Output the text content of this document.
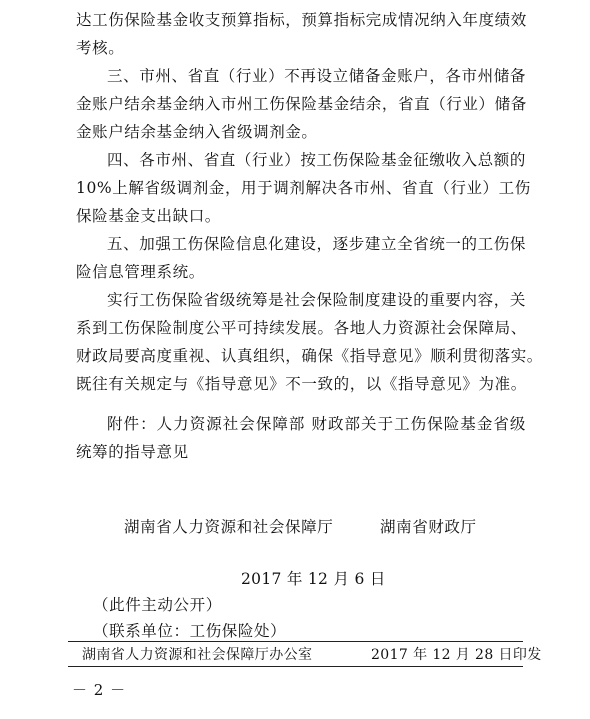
达工伤保险基金收支预算指标，预算指标完成情况纳入年度绩效
考核。
三、市州、省直（行业）不再设立储备金账户，各市州储备
金账户结余基金纳入市州工伤保险基金结余，省直（行业）储备
金账户结余基金纳入省级调剂金。
四、各市州、省直（行业）按工伤保险基金征缴收入总额的
10%上解省级调剂金，用于调剂解决各市州、省直（行业）工伤
保险基金支出缺口。
五、加强工伤保险信息化建设，逐步建立全省统一的工伤保
险信息管理系统。
实行工伤保险省级统筹是社会保险制度建设的重要内容，关
系到工伤保险制度公平可持续发展。各地人力资源社会保障局、
财政局要高度重视、认真组织，确保《指导意见》顺利贯彻落实。
既往有关规定与《指导意见》不一致的，以《指导意见》为准。
附件：人力资源社会保障部 财政部关于工伤保险基金省级
统筹的指导意见
湖南省人力资源和社会保障厅	湖南省财政厅
2017 年 12 月 6 日
（此件主动公开）
（联系单位：工伤保险处）
湖南省人力资源和社会保障厅办公室	2017 年 12 月 28 日印发
－ 2 －
